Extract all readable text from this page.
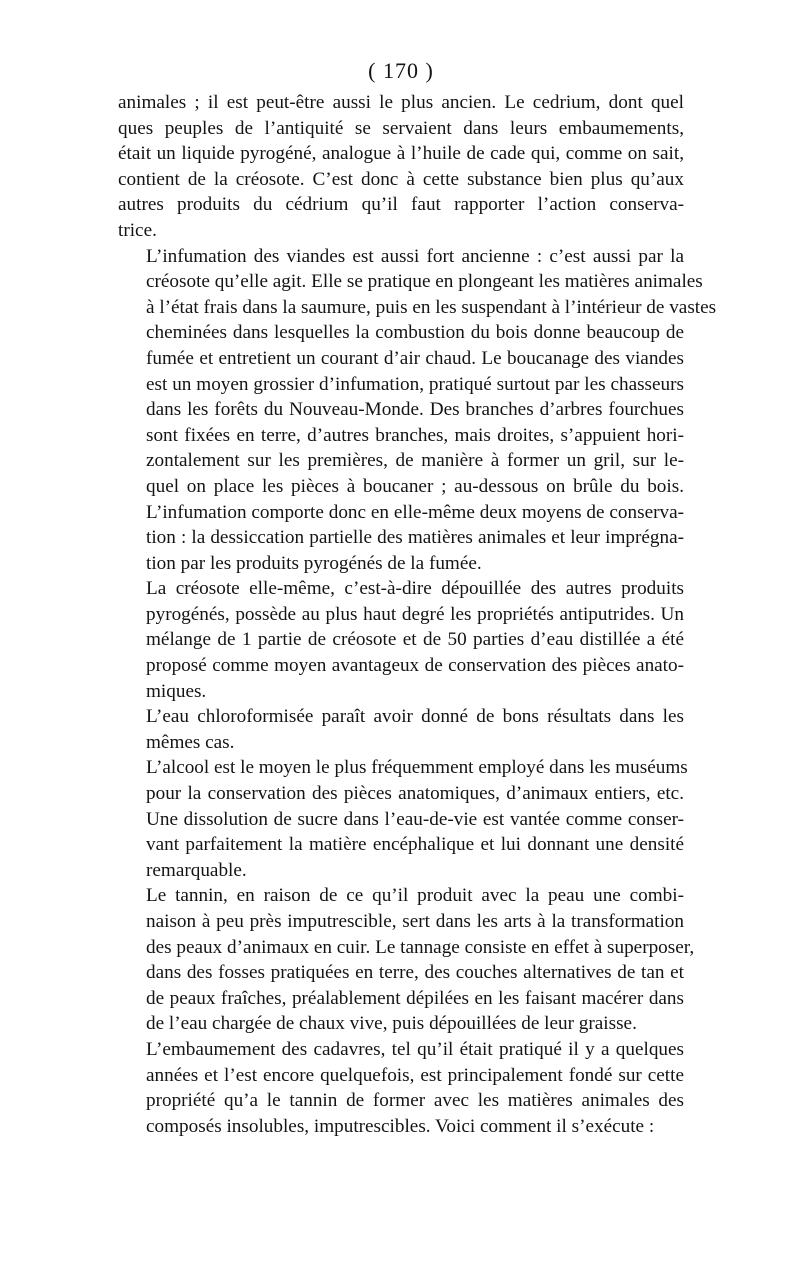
( 170 )

animales ; il est peut-être aussi le plus ancien. Le cedrium, dont quel
ques peuples de l’antiquité se servaient dans leurs embaumements,
était un liquide pyrogéné, analogue à l’huile de cade qui, comme on sait,
contient de la créosote. C’est donc à cette substance bien plus qu’aux
autres produits du cédrium qu’il faut rapporter l’action conserva-
trice.

L’infumation des viandes est aussi fort ancienne : c’est aussi par la
créosote qu’elle agit. Elle se pratique en plongeant les matières animales
à l’état frais dans la saumure, puis en les suspendant à l’intérieur de vastes
cheminées dans lesquelles la combustion du bois donne beaucoup de
fumée et entretient un courant d’air chaud. Le boucanage des viandes
est un moyen grossier d’infumation, pratiqué surtout par les chasseurs
dans les forêts du Nouveau-Monde. Des branches d’arbres fourchues
sont fixées en terre, d’autres branches, mais droites, s’appuient hori-
zontalement sur les premières, de manière à former un gril, sur le-
quel on place les pièces à boucaner ; au-dessous on brûle du bois.
L’infumation comporte donc en elle-même deux moyens de conserva-
tion : la dessiccation partielle des matières animales et leur imprégna-
tion par les produits pyrogénés de la fumée.

La créosote elle-même, c’est-à-dire dépouillée des autres produits
pyrogénés, possède au plus haut degré les propriétés antiputrides. Un
mélange de 1 partie de créosote et de 50 parties d’eau distillée a été
proposé comme moyen avantageux de conservation des pièces anato-
miques.

L’eau chloroformisée paraît avoir donné de bons résultats dans les
mêmes cas.

L’alcool est le moyen le plus fréquemment employé dans les muséums
pour la conservation des pièces anatomiques, d’animaux entiers, etc.
Une dissolution de sucre dans l’eau-de-vie est vantée comme conser-
vant parfaitement la matière encéphalique et lui donnant une densité
remarquable.

Le tannin, en raison de ce qu’il produit avec la peau une combi-
naison à peu près imputrescible, sert dans les arts à la transformation
des peaux d’animaux en cuir. Le tannage consiste en effet à superposer,
dans des fosses pratiquées en terre, des couches alternatives de tan et
de peaux fraîches, préalablement dépilées en les faisant macérer dans
de l’eau chargée de chaux vive, puis dépouillées de leur graisse.

L’embaumement des cadavres, tel qu’il était pratiqué il y a quelques
années et l’est encore quelquefois, est principalement fondé sur cette
propriété qu’a le tannin de former avec les matières animales des
composés insolubles, imputrescibles. Voici comment il s’exécute :
